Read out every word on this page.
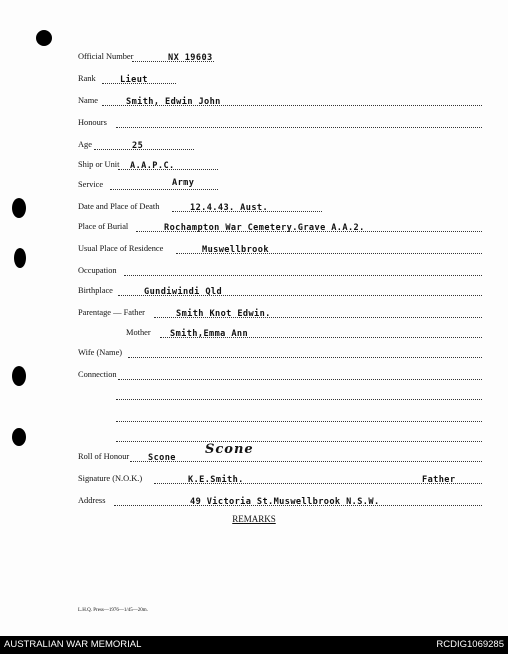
Official Number	NX 19603
Rank	Lieut
Name	Smith, Edwin John
Honours
Age	25
Ship or Unit A.A.P.C.
Service	Army
Date and Place of Death	12.4.43. Aust.
Place of Burial	Rochampton War Cemetery.Grave A.A.2.
Usual Place of Residence	Muswellbrook
Occupation
Birthplace	Gundiwindi Qld
Parentage — Father	Smith Knot Edwin.
Mother Smith,Emma Ann
Wife (Name)
Connection
Roll of Honour Scone
Scone
Signature (N.O.K.)	K.E.Smith.	Father
Address	49 Victoria St.Muswellbrook N.S.W.
REMARKS
L.H.Q. Press—1976—1/45—20m.
AUSTRALIAN WAR MEMORIAL	RCDIG1069285
